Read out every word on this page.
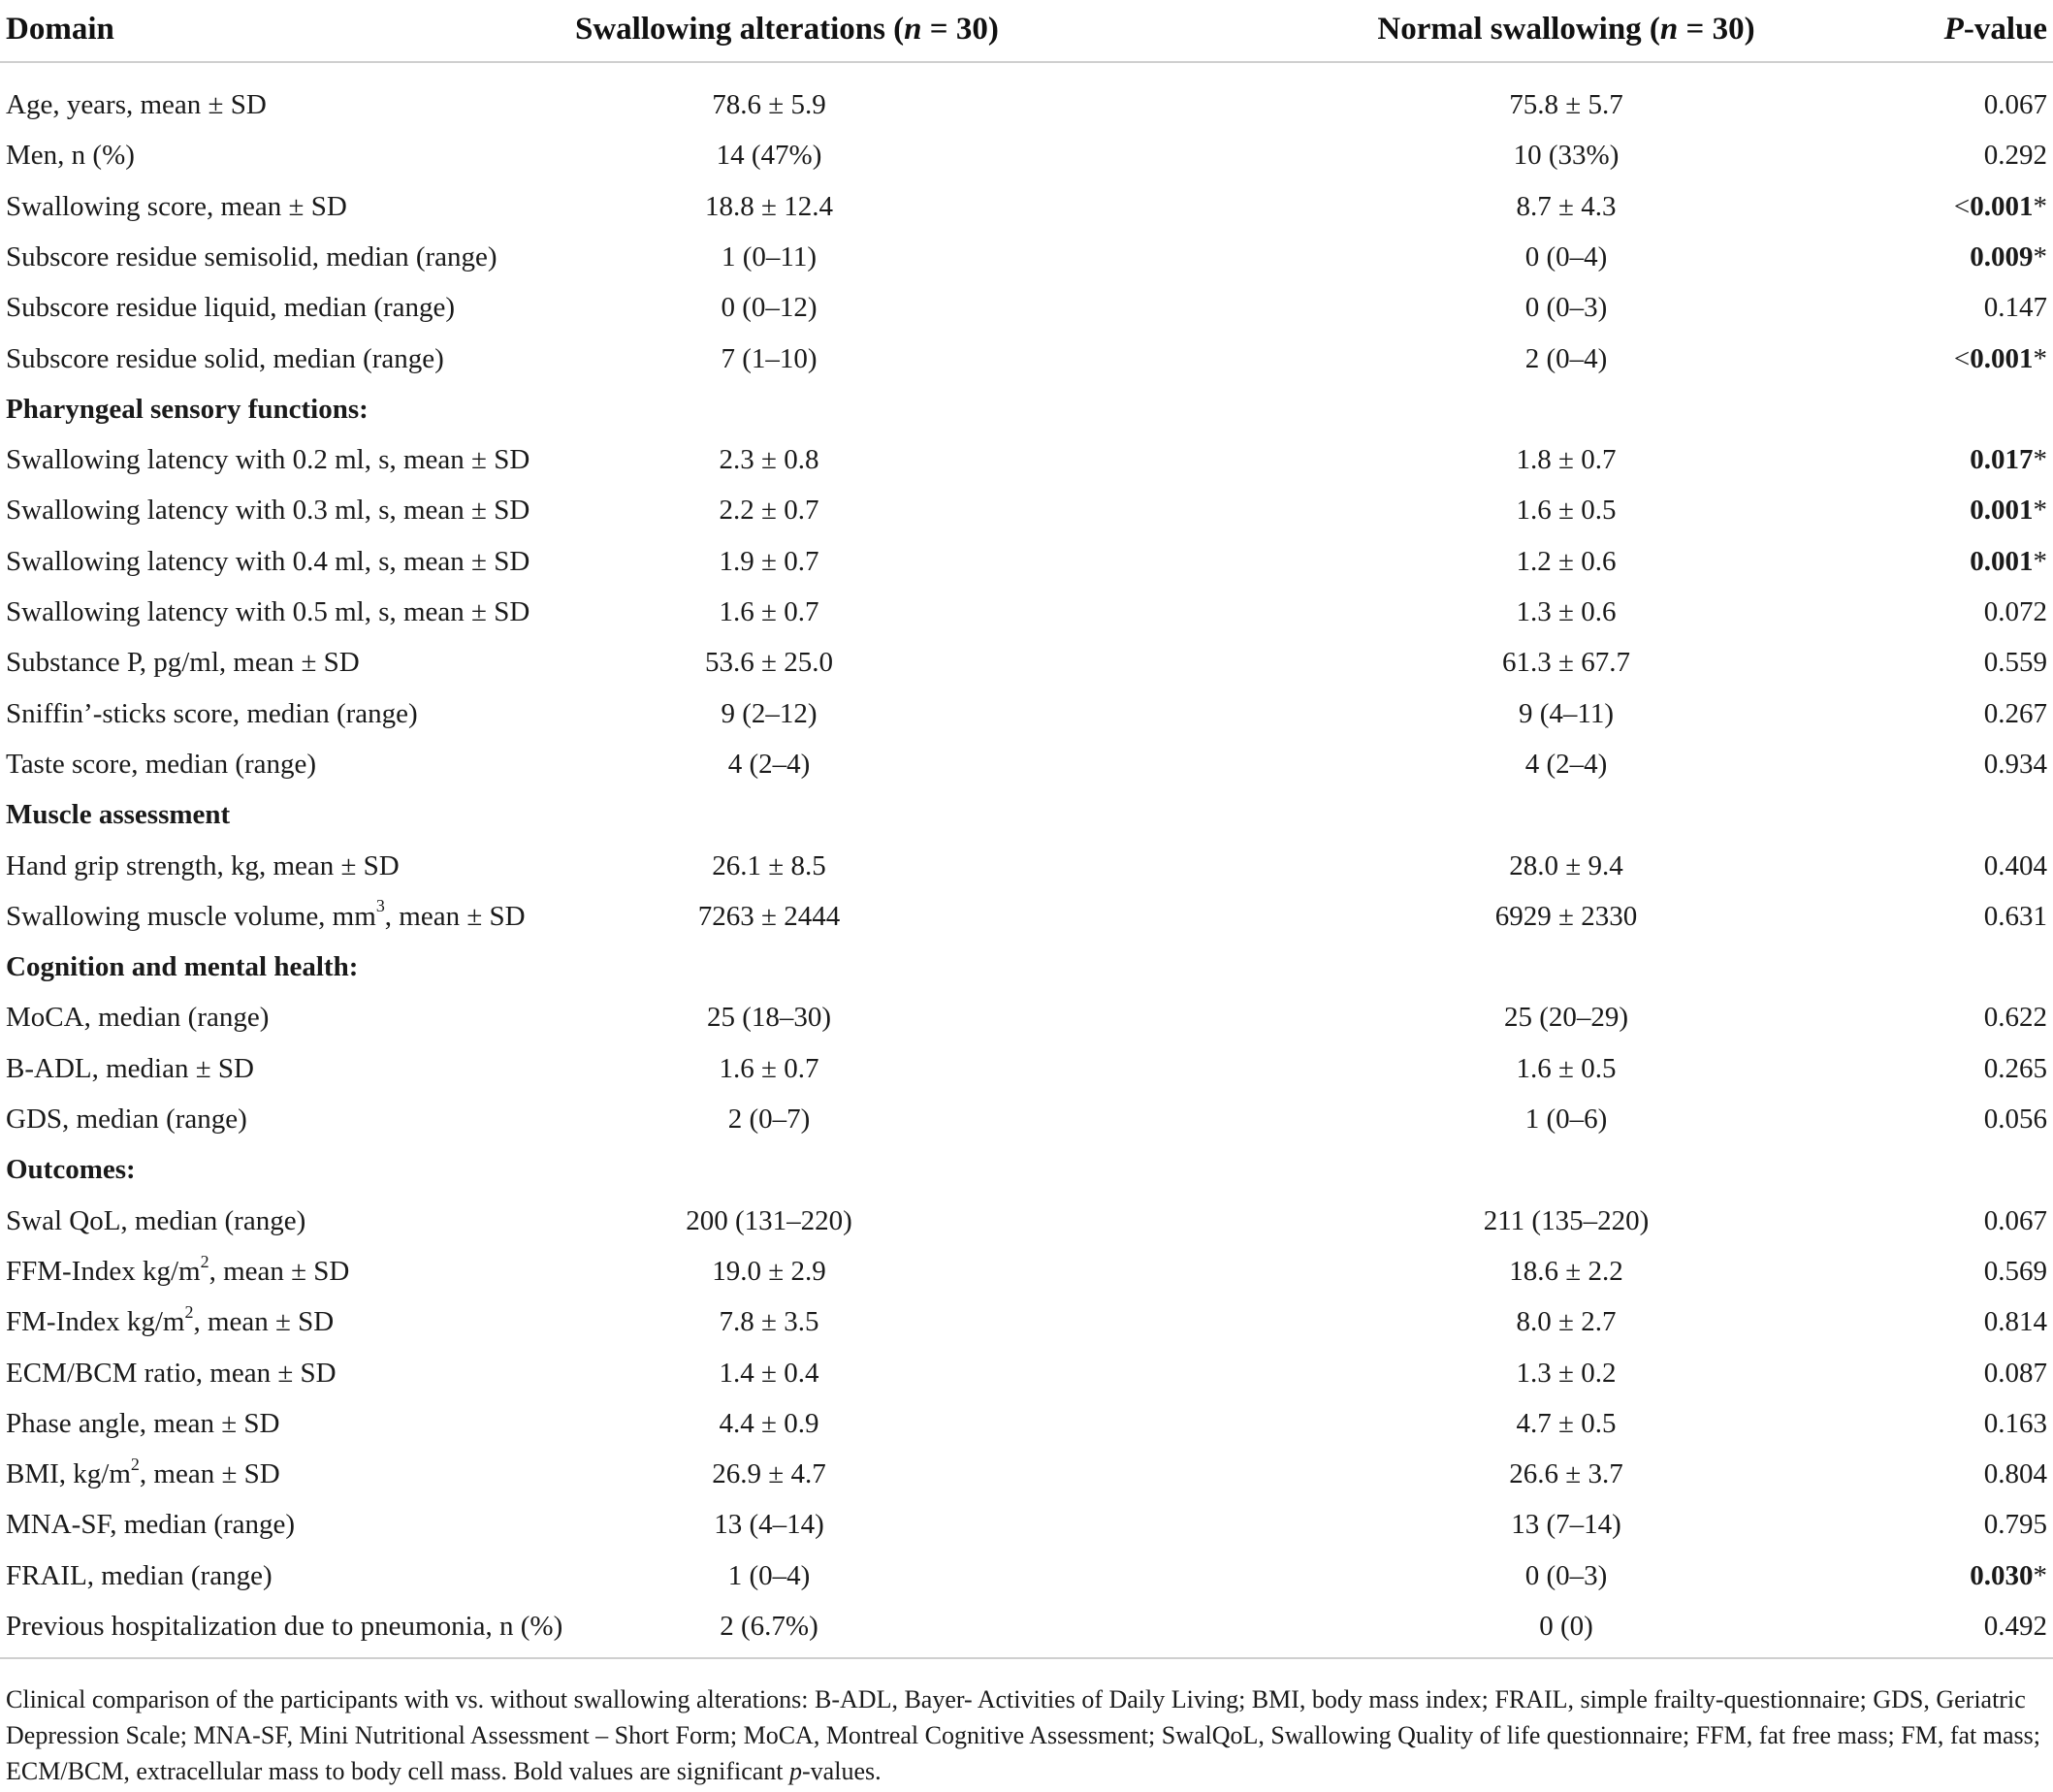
Domain	Swallowing alterations (n = 30)	Normal swallowing (n = 30)	P-value
Age, years, mean ± SD	78.6 ± 5.9	75.8 ± 5.7	0.067
Men, n (%)	14 (47%)	10 (33%)	0.292
Swallowing score, mean ± SD	18.8 ± 12.4	8.7 ± 4.3	<0.001*
Subscore residue semisolid, median (range)	1 (0–11)	0 (0–4)	0.009*
Subscore residue liquid, median (range)	0 (0–12)	0 (0–3)	0.147
Subscore residue solid, median (range)	7 (1–10)	2 (0–4)	<0.001*
Pharyngeal sensory functions:
Swallowing latency with 0.2 ml, s, mean ± SD	2.3 ± 0.8	1.8 ± 0.7	0.017*
Swallowing latency with 0.3 ml, s, mean ± SD	2.2 ± 0.7	1.6 ± 0.5	0.001*
Swallowing latency with 0.4 ml, s, mean ± SD	1.9 ± 0.7	1.2 ± 0.6	0.001*
Swallowing latency with 0.5 ml, s, mean ± SD	1.6 ± 0.7	1.3 ± 0.6	0.072
Substance P, pg/ml, mean ± SD	53.6 ± 25.0	61.3 ± 67.7	0.559
Sniffin’-sticks score, median (range)	9 (2–12)	9 (4–11)	0.267
Taste score, median (range)	4 (2–4)	4 (2–4)	0.934
Muscle assessment
Hand grip strength, kg, mean ± SD	26.1 ± 8.5	28.0 ± 9.4	0.404
Swallowing muscle volume, $mm^3$, mean ± SD	7263 ± 2444	6929 ± 2330	0.631
Cognition and mental health:
MoCA, median (range)	25 (18–30)	25 (20–29)	0.622
B-ADL, median ± SD	1.6 ± 0.7	1.6 ± 0.5	0.265
GDS, median (range)	2 (0–7)	1 (0–6)	0.056
Outcomes:
Swal QoL, median (range)	200 (131–220)	211 (135–220)	0.067
FFM-Index $kg/m^2$, mean ± SD	19.0 ± 2.9	18.6 ± 2.2	0.569
FM-Index $kg/m^2$, mean ± SD	7.8 ± 3.5	8.0 ± 2.7	0.814
ECM/BCM ratio, mean ± SD	1.4 ± 0.4	1.3 ± 0.2	0.087
Phase angle, mean ± SD	4.4 ± 0.9	4.7 ± 0.5	0.163
BMI, $kg/m^2$, mean ± SD	26.9 ± 4.7	26.6 ± 3.7	0.804
MNA-SF, median (range)	13 (4–14)	13 (7–14)	0.795
FRAIL, median (range)	1 (0–4)	0 (0–3)	0.030*
Previous hospitalization due to pneumonia, n (%)	2 (6.7%)	0 (0)	0.492
Clinical comparison of the participants with vs. without swallowing alterations: B-ADL, Bayer- Activities of Daily Living; BMI, body mass index; FRAIL, simple frailty-questionnaire; GDS, Geriatric Depression Scale; MNA-SF, Mini Nutritional Assessment – Short Form; MoCA, Montreal Cognitive Assessment; SwalQoL, Swallowing Quality of life questionnaire; FFM, fat free mass; FM, fat mass; ECM/BCM, extracellular mass to body cell mass. Bold values are significant p-values.
